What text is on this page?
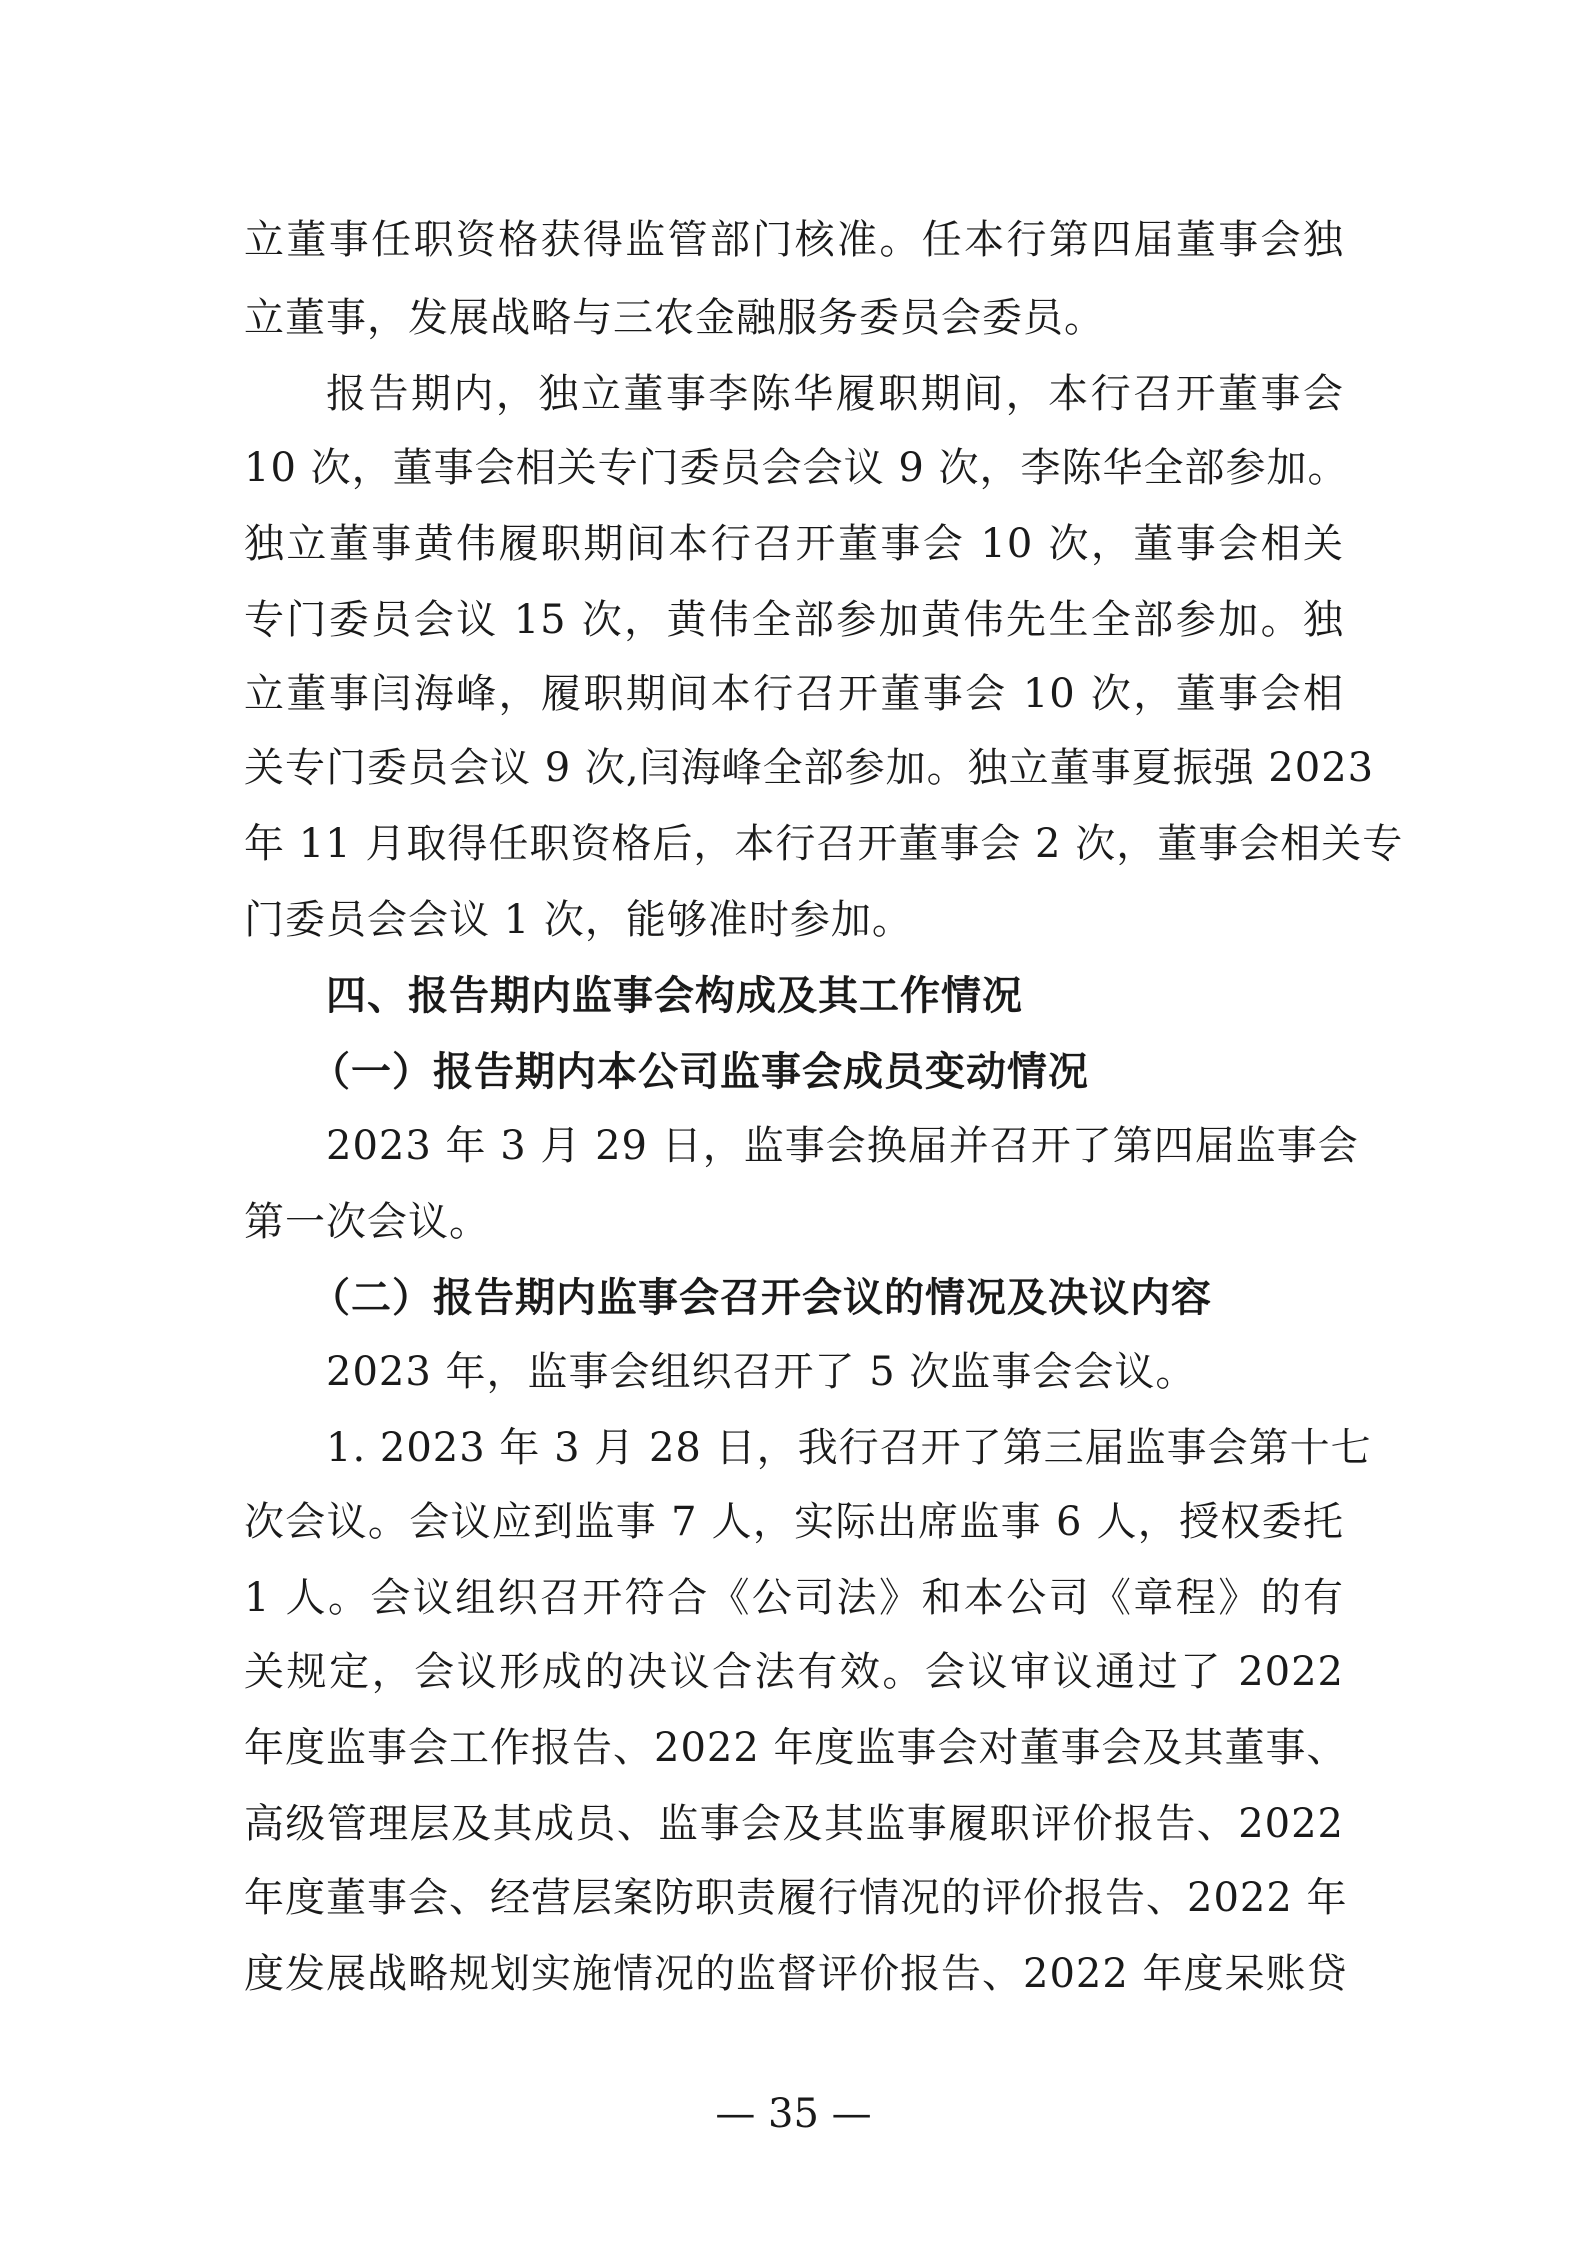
立董事任职资格获得监管部门核准。任本行第四届董事会独
立董事，发展战略与三农金融服务委员会委员。
报告期内，独立董事李陈华履职期间，本行召开董事会
10 次，董事会相关专门委员会会议 9 次，李陈华全部参加。
独立董事黄伟履职期间本行召开董事会 10 次，董事会相关
专门委员会议 15 次，黄伟全部参加黄伟先生全部参加。独
立董事闫海峰，履职期间本行召开董事会 10 次，董事会相
关专门委员会议 9 次,闫海峰全部参加。独立董事夏振强 2023
年 11 月取得任职资格后，本行召开董事会 2 次，董事会相关专
门委员会会议 1 次，能够准时参加。
四、报告期内监事会构成及其工作情况
（一）报告期内本公司监事会成员变动情况
2023 年 3 月 29 日，监事会换届并召开了第四届监事会
第一次会议。
（二）报告期内监事会召开会议的情况及决议内容
2023 年，监事会组织召开了 5 次监事会会议。
1. 2023 年 3 月 28 日，我行召开了第三届监事会第十七
次会议。会议应到监事 7 人，实际出席监事 6 人，授权委托
1 人。会议组织召开符合《公司法》和本公司《章程》的有
关规定，会议形成的决议合法有效。会议审议通过了 2022
年度监事会工作报告、2022 年度监事会对董事会及其董事、
高级管理层及其成员、监事会及其监事履职评价报告、2022
年度董事会、经营层案防职责履行情况的评价报告、2022 年
度发展战略规划实施情况的监督评价报告、2022 年度呆账贷
— 35 —
